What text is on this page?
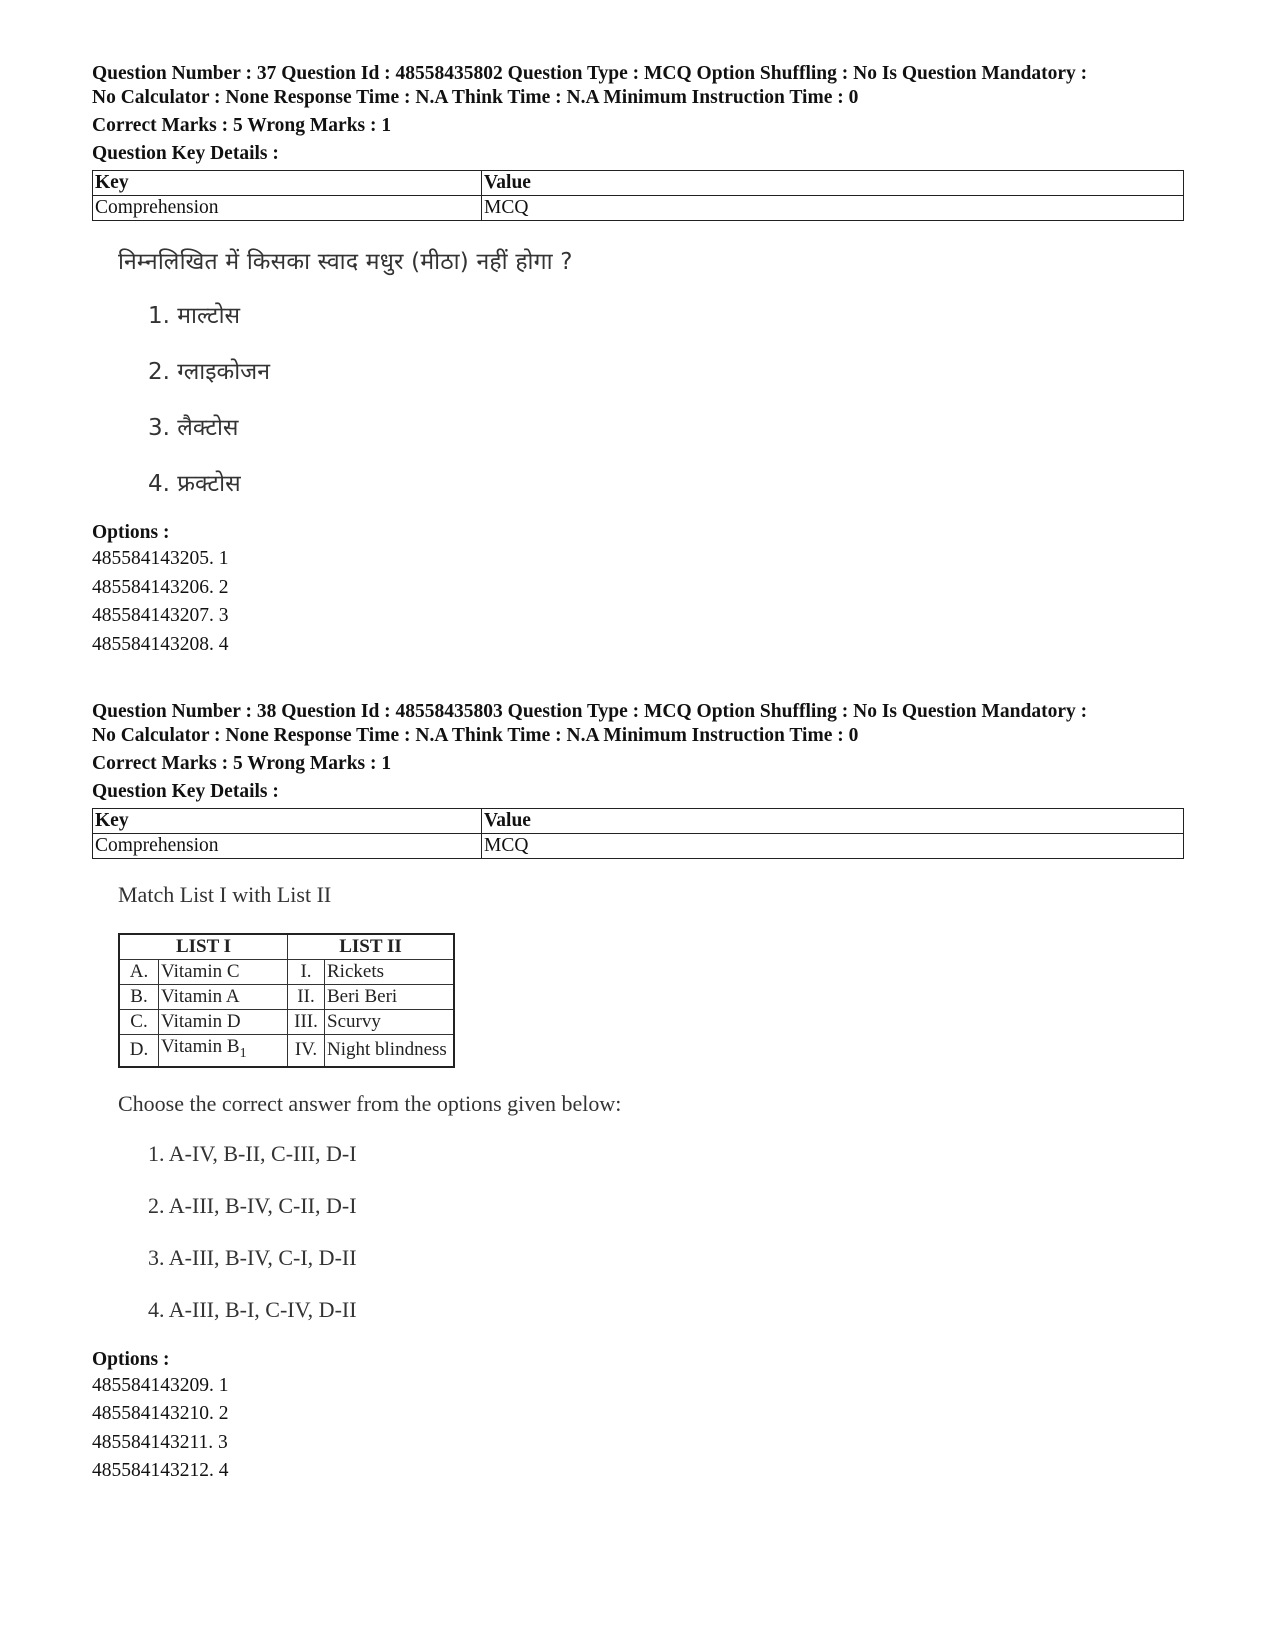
Question Number : 37 Question Id : 48558435802 Question Type : MCQ Option Shuffling : No Is Question Mandatory :
No Calculator : None Response Time : N.A Think Time : N.A Minimum Instruction Time : 0
Correct Marks : 5 Wrong Marks : 1
Question Key Details :
Key	Value
Comprehension	MCQ
निम्नलिखित में किसका स्वाद मधुर (मीठा) नहीं होगा ?
1. माल्टोस
2. ग्लाइकोजन
3. लैक्टोस
4. फ्रक्टोस
Options :
485584143205. 1
485584143206. 2
485584143207. 3
485584143208. 4
Question Number : 38 Question Id : 48558435803 Question Type : MCQ Option Shuffling : No Is Question Mandatory :
No Calculator : None Response Time : N.A Think Time : N.A Minimum Instruction Time : 0
Correct Marks : 5 Wrong Marks : 1
Question Key Details :
Key	Value
Comprehension	MCQ
Match List I with List II
LIST I		LIST II	
A.	Vitamin C	I.	Rickets
B.	Vitamin A	II.	Beri Beri
C.	Vitamin D	III.	Scurvy
D.	Vitamin $B_1$	IV.	Night blindness
Choose the correct answer from the options given below:
1. A-IV, B-II, C-III, D-I
2. A-III, B-IV, C-II, D-I
3. A-III, B-IV, C-I, D-II
4. A-III, B-I, C-IV, D-II
Options :
485584143209. 1
485584143210. 2
485584143211. 3
485584143212. 4
